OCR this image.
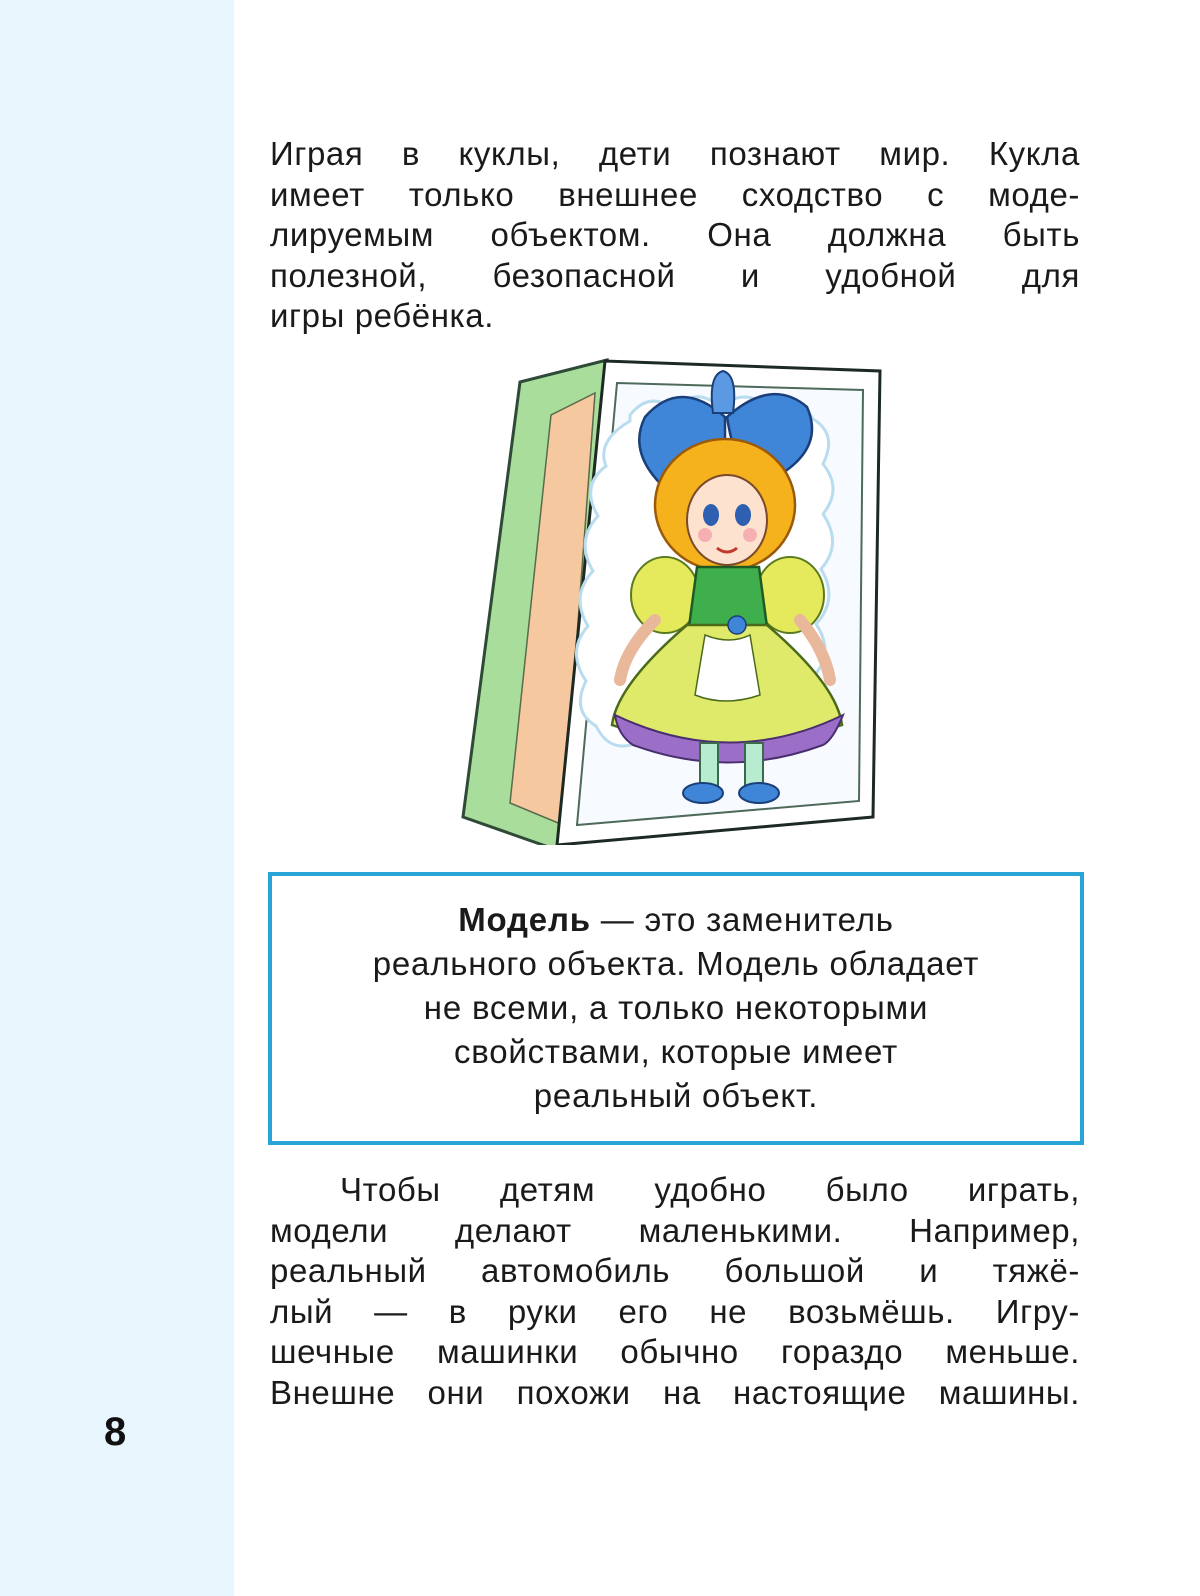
Играя в куклы, дети познают мир. Кукла
имеет только внешнее сходство с моде-
лируемым объектом. Она должна быть
полезной, безопасной и удобной для
игры ребёнка.
Модель — это заменитель
реального объекта. Модель обладает
не всеми, а только некоторыми
свойствами, которые имеет
реальный объект.
Чтобы детям удобно было играть,
модели делают маленькими. Например,
реальный автомобиль большой и тяжё-
лый — в руки его не возьмёшь. Игру-
шечные машинки обычно гораздо меньше.
Внешне они похожи на настоящие машины.
8
